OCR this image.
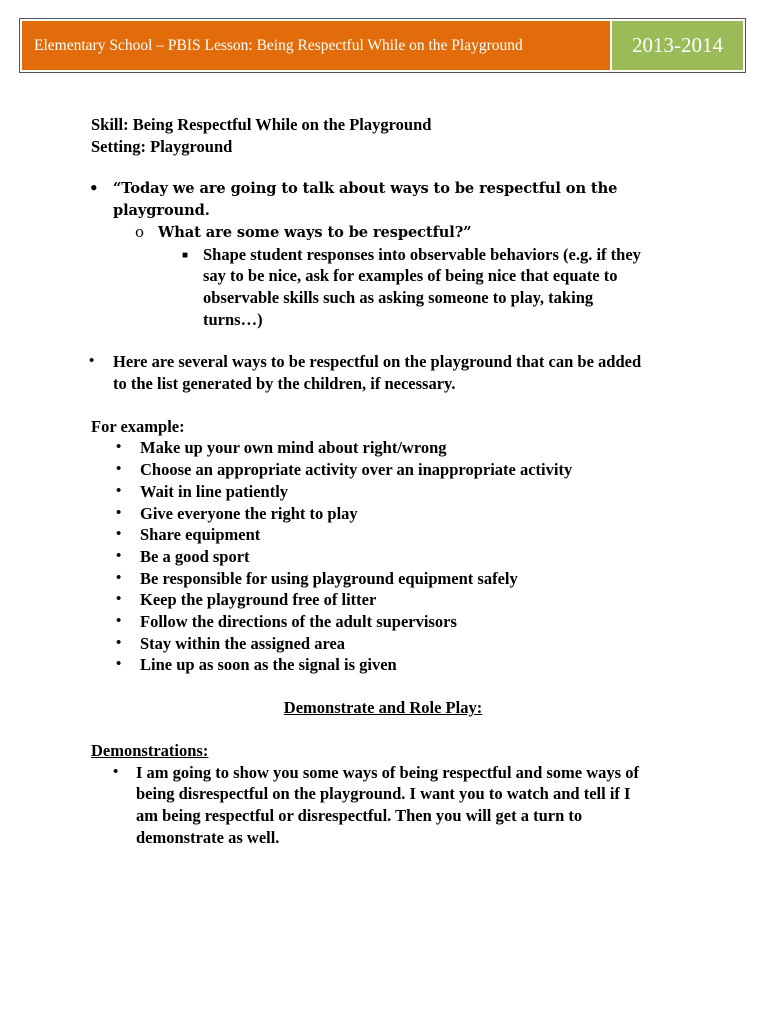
Elementary School – PBIS Lesson: Being Respectful While on the Playground	2013-2014
Skill: Being Respectful While on the Playground
Setting: Playground
• “Today we are going to talk about ways to be respectful on the playground.
o What are some ways to be respectful?”
■ Shape student responses into observable behaviors (e.g. if they
say to be nice, ask for examples of being nice that equate to
observable skills such as asking someone to play, taking
turns…)
• Here are several ways to be respectful on the playground that can be added
to the list generated by the children, if necessary.
For example:
• Make up your own mind about right/wrong
• Choose an appropriate activity over an inappropriate activity
• Wait in line patiently
• Give everyone the right to play
• Share equipment
• Be a good sport
• Be responsible for using playground equipment safely
• Keep the playground free of litter
• Follow the directions of the adult supervisors
• Stay within the assigned area
• Line up as soon as the signal is given
Demonstrate and Role Play:
Demonstrations:
• I am going to show you some ways of being respectful and some ways of
being disrespectful on the playground. I want you to watch and tell if I
am being respectful or disrespectful. Then you will get a turn to
demonstrate as well.
